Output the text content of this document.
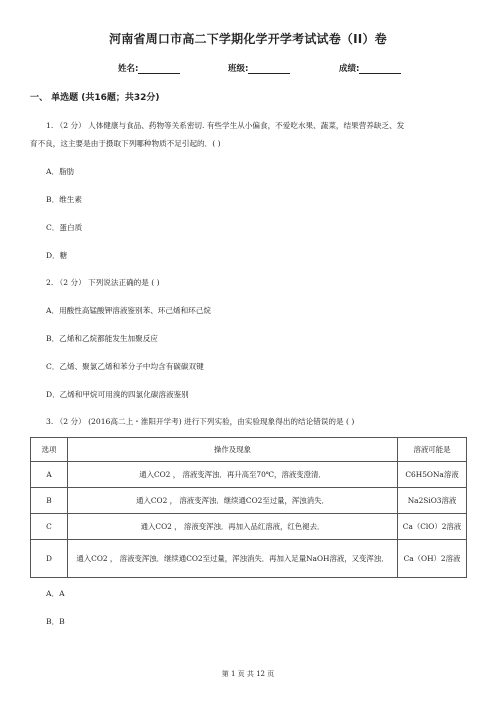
河南省周口市高二下学期化学开学考试试卷（II）卷
姓名:	班级:	成绩:
一、 单选题 (共16题；共32分)
1. （2 分） 人体健康与食品、药物等关系密切. 有些学生从小偏食，不爱吃水果、蔬菜，结果营养缺乏、发
育不良，这主要是由于摄取下列哪种物质不足引起的．( )
A．脂肪
B．维生素
C．蛋白质
D．糖
2. （2 分） 下列说法正确的是 ( )
A．用酸性高锰酸钾溶液鉴别苯、环己烯和环己烷
B．乙烯和乙烷都能发生加聚反应
C．乙烯、聚氯乙烯和苯分子中均含有碳碳双键
D．乙烯和甲烷可用溴的四氯化碳溶液鉴别
3. （2 分） (2016高二上・淮阳开学考) 进行下列实验，由实验现象得出的结论错误的是 ( )
选项	操作及现象	溶液可能是
A	通入CO2 ， 溶液变浑浊．再升高至70℃，溶液变澄清．	C6H5ONa溶液
B	通入CO2 ， 溶液变浑浊．继续通CO2至过量，浑浊消失．	Na2SiO3溶液
C	通入CO2 ， 溶液变浑浊．再加入品红溶液，红色褪去．	Ca（ClO）2溶液
D	通入CO2 ， 溶液变浑浊．继续通CO2至过量，浑浊消失．再加入足量NaOH溶液，又变浑浊．	Ca（OH）2溶液
A．A
B．B
第 1 页 共 12 页
